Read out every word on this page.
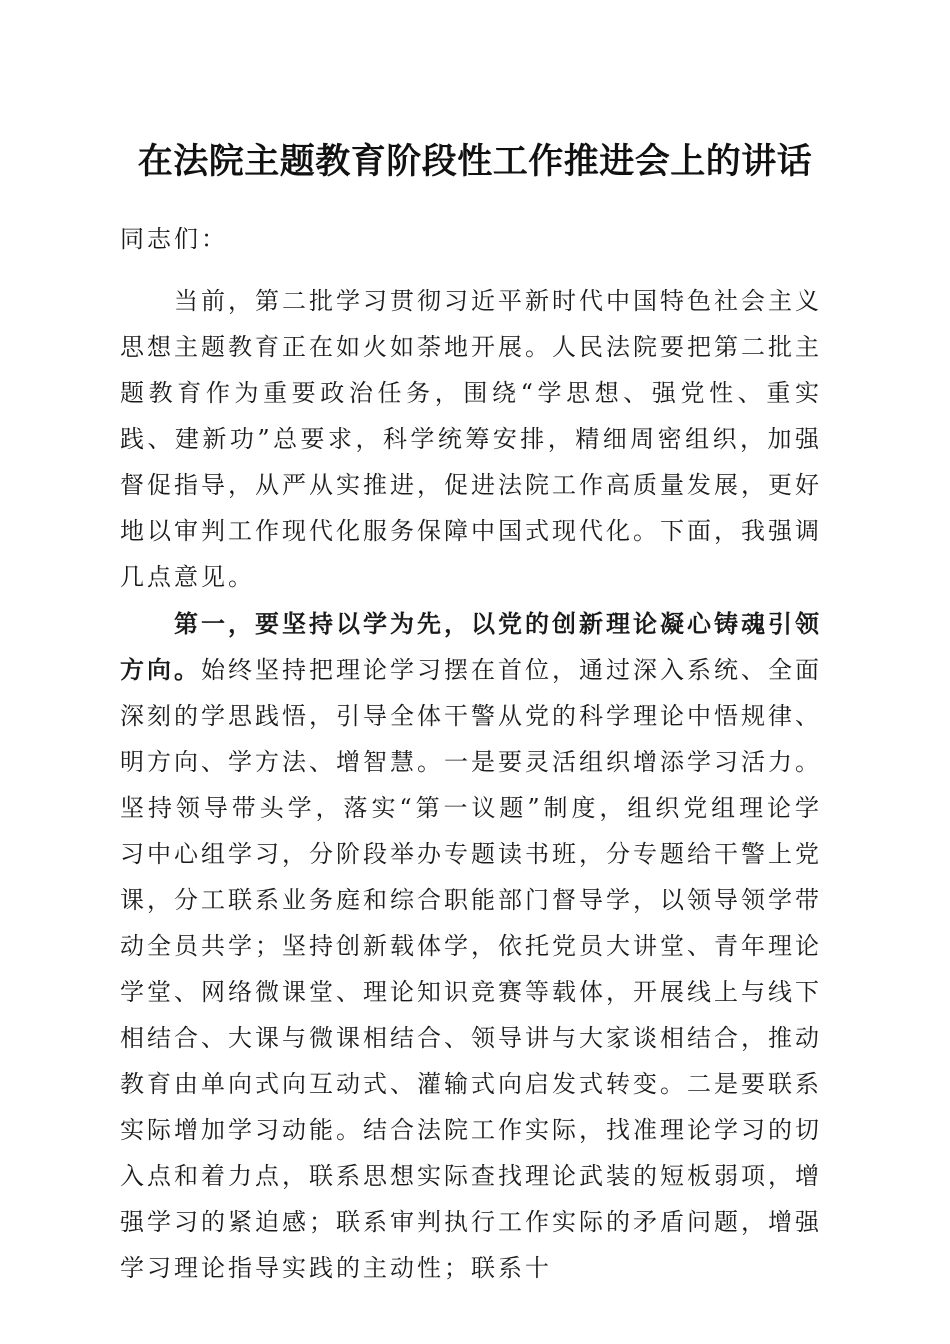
在法院主题教育阶段性工作推进会上的讲话

同志们：

当前，第二批学习贯彻习近平新时代中国特色社会主义思想主题教育正在如火如荼地开展。人民法院要把第二批主题教育作为重要政治任务，围绕“学思想、强党性、重实践、建新功”总要求，科学统筹安排，精细周密组织，加强督促指导，从严从实推进，促进法院工作高质量发展，更好地以审判工作现代化服务保障中国式现代化。下面，我强调几点意见。

第一，要坚持以学为先，以党的创新理论凝心铸魂引领方向。始终坚持把理论学习摆在首位，通过深入系统、全面深刻的学思践悟，引导全体干警从党的科学理论中悟规律、明方向、学方法、增智慧。一是要灵活组织增添学习活力。坚持领导带头学，落实“第一议题”制度，组织党组理论学习中心组学习，分阶段举办专题读书班，分专题给干警上党课，分工联系业务庭和综合职能部门督导学，以领导领学带动全员共学；坚持创新载体学，依托党员大讲堂、青年理论学堂、网络微课堂、理论知识竞赛等载体，开展线上与线下相结合、大课与微课相结合、领导讲与大家谈相结合，推动教育由单向式向互动式、灌输式向启发式转变。二是要联系实际增加学习动能。结合法院工作实际，找准理论学习的切入点和着力点，联系思想实际查找理论武装的短板弱项，增强学习的紧迫感；联系审判执行工作实际的矛盾问题，增强学习理论指导实践的主动性；联系十
